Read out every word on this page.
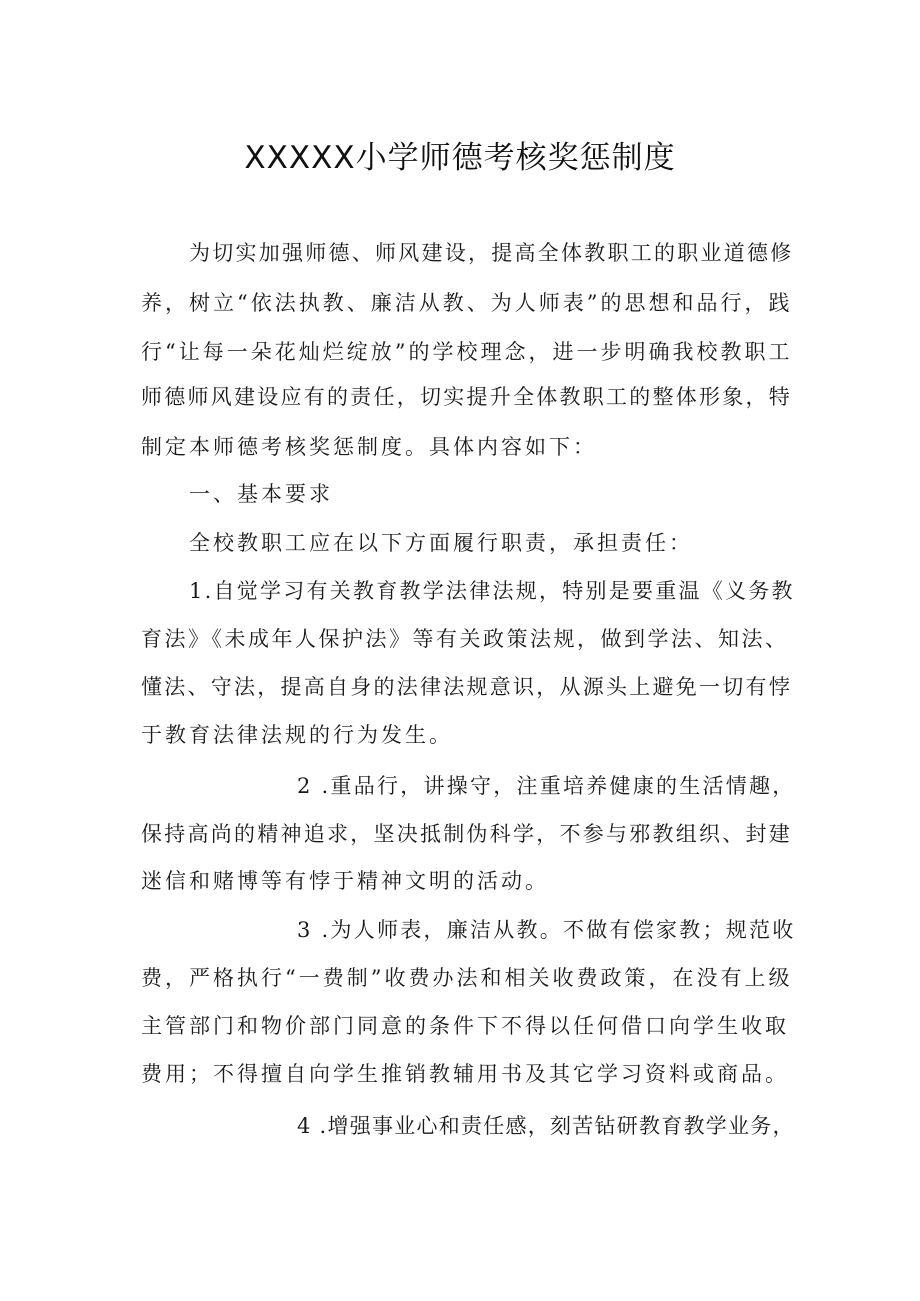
XXXXX小学师德考核奖惩制度
为切实加强师德、师风建设，提高全体教职工的职业道德修
养，树立“依法执教、廉洁从教、为人师表”的思想和品行，践
行“让每一朵花灿烂绽放”的学校理念，进一步明确我校教职工
师德师风建设应有的责任，切实提升全体教职工的整体形象，特
制定本师德考核奖惩制度。具体内容如下：
一、基本要求
全校教职工应在以下方面履行职责，承担责任：
1.自觉学习有关教育教学法律法规，特别是要重温《义务教
育法》《未成年人保护法》等有关政策法规，做到学法、知法、
懂法、守法，提高自身的法律法规意识，从源头上避免一切有悖
于教育法律法规的行为发生。
2 .重品行，讲操守，注重培养健康的生活情趣，
保持高尚的精神追求，坚决抵制伪科学，不参与邪教组织、封建
迷信和赌博等有悖于精神文明的活动。
3 .为人师表，廉洁从教。不做有偿家教；规范收
费，严格执行“一费制”收费办法和相关收费政策，在没有上级
主管部门和物价部门同意的条件下不得以任何借口向学生收取
费用；不得擅自向学生推销教辅用书及其它学习资料或商品。
4 .增强事业心和责任感，刻苦钻研教育教学业务，
